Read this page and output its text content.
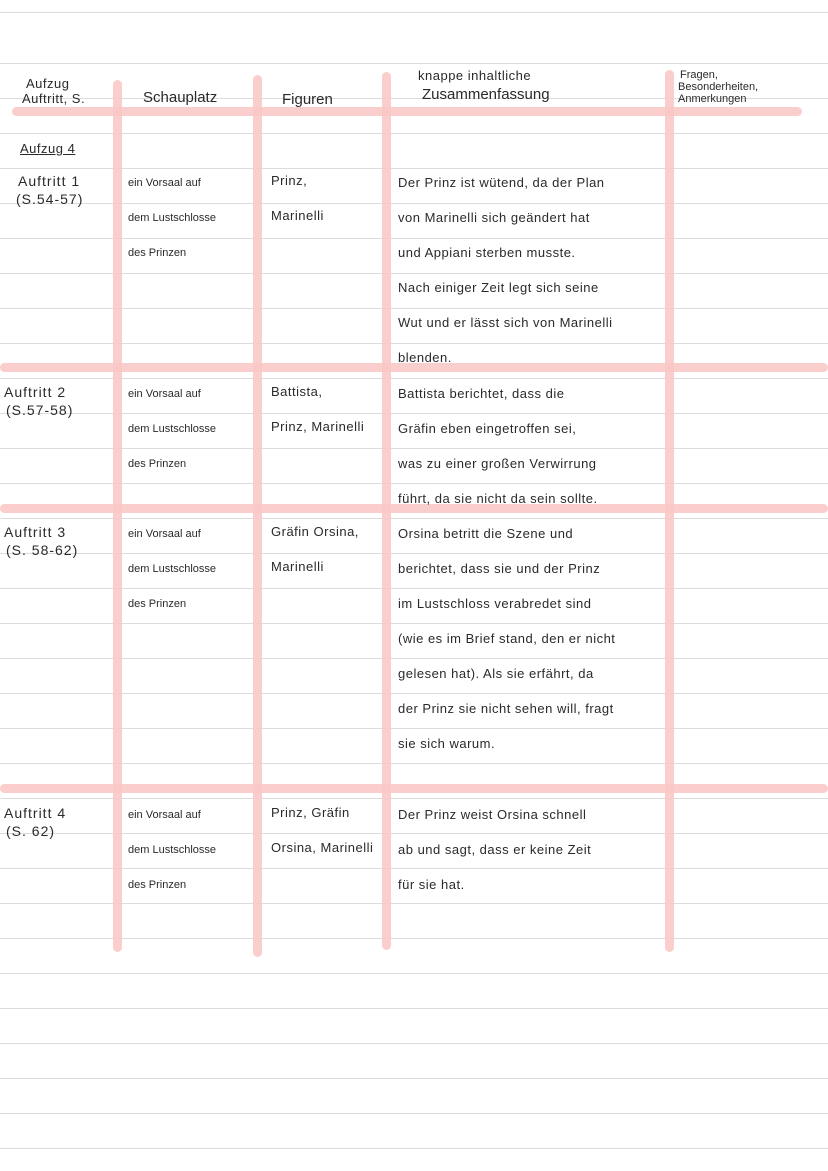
Aufzug
Auftritt, S.	Schauplatz	Figuren
knappe inhaltliche
Zusammenfassung
Fragen,
Besonderheiten,
Anmerkungen
Aufzug 4
Auftritt 1
(S.54-57)
ein Vorsaal auf
dem Lustschlosse
des Prinzen
Prinz,
Marinelli
Der Prinz ist wütend, da der Plan
von Marinelli sich geändert hat
und Appiani sterben musste.
Nach einiger Zeit legt sich seine
Wut und er lässt sich von Marinelli
blenden.
Auftritt 2
(S.57-58)
ein Vorsaal auf
dem Lustschlosse
des Prinzen
Battista,
Prinz, Marinelli
Battista berichtet, dass die
Gräfin eben eingetroffen sei,
was zu einer großen Verwirrung
führt, da sie nicht da sein sollte.
Auftritt 3
(S. 58-62)
ein Vorsaal auf
dem Lustschlosse
des Prinzen
Gräfin Orsina,
Marinelli
Orsina betritt die Szene und
berichtet, dass sie und der Prinz
im Lustschloss verabredet sind
(wie es im Brief stand, den er nicht
gelesen hat). Als sie erfährt, da
der Prinz sie nicht sehen will, fragt
sie sich warum.
Auftritt 4
(S. 62)
ein Vorsaal auf
dem Lustschlosse
des Prinzen
Prinz, Gräfin
Orsina, Marinelli
Der Prinz weist Orsina schnell
ab und sagt, dass er keine Zeit
für sie hat.
